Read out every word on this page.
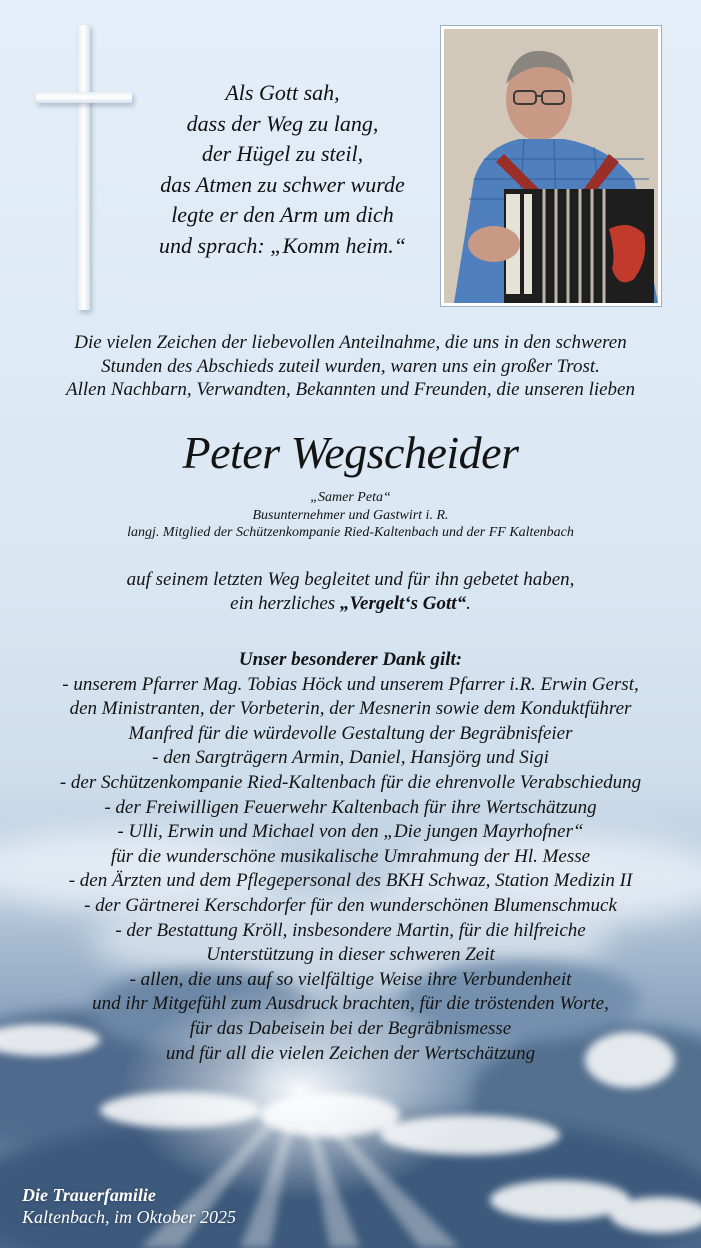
Als Gott sah,
dass der Weg zu lang,
der Hügel zu steil,
das Atmen zu schwer wurde
legte er den Arm um dich
und sprach: „Komm heim.“
Die vielen Zeichen der liebevollen Anteilnahme, die uns in den schweren
Stunden des Abschieds zuteil wurden, waren uns ein großer Trost.
Allen Nachbarn, Verwandten, Bekannten und Freunden, die unseren lieben
Peter Wegscheider
„Samer Peta“
Busunternehmer und Gastwirt i. R.
langj. Mitglied der Schützenkompanie Ried-Kaltenbach und der FF Kaltenbach
auf seinem letzten Weg begleitet und für ihn gebetet haben,
ein herzliches „Vergelt‘s Gott“.
Unser besonderer Dank gilt:
- unserem Pfarrer Mag. Tobias Höck und unserem Pfarrer i.R. Erwin Gerst,
den Ministranten, der Vorbeterin, der Mesnerin sowie dem Konduktführer
Manfred für die würdevolle Gestaltung der Begräbnisfeier
- den Sargträgern Armin, Daniel, Hansjörg und Sigi
- der Schützenkompanie Ried-Kaltenbach für die ehrenvolle Verabschiedung
- der Freiwilligen Feuerwehr Kaltenbach für ihre Wertschätzung
- Ulli, Erwin und Michael von den „Die jungen Mayrhofner“
für die wunderschöne musikalische Umrahmung der Hl. Messe
- den Ärzten und dem Pflegepersonal des BKH Schwaz, Station Medizin II
- der Gärtnerei Kerschdorfer für den wunderschönen Blumenschmuck
- der Bestattung Kröll, insbesondere Martin, für die hilfreiche
Unterstützung in dieser schweren Zeit
- allen, die uns auf so vielfältige Weise ihre Verbundenheit
und ihr Mitgefühl zum Ausdruck brachten, für die tröstenden Worte,
für das Dabeisein bei der Begräbnismesse
und für all die vielen Zeichen der Wertschätzung
Die Trauerfamilie
Kaltenbach, im Oktober 2025
